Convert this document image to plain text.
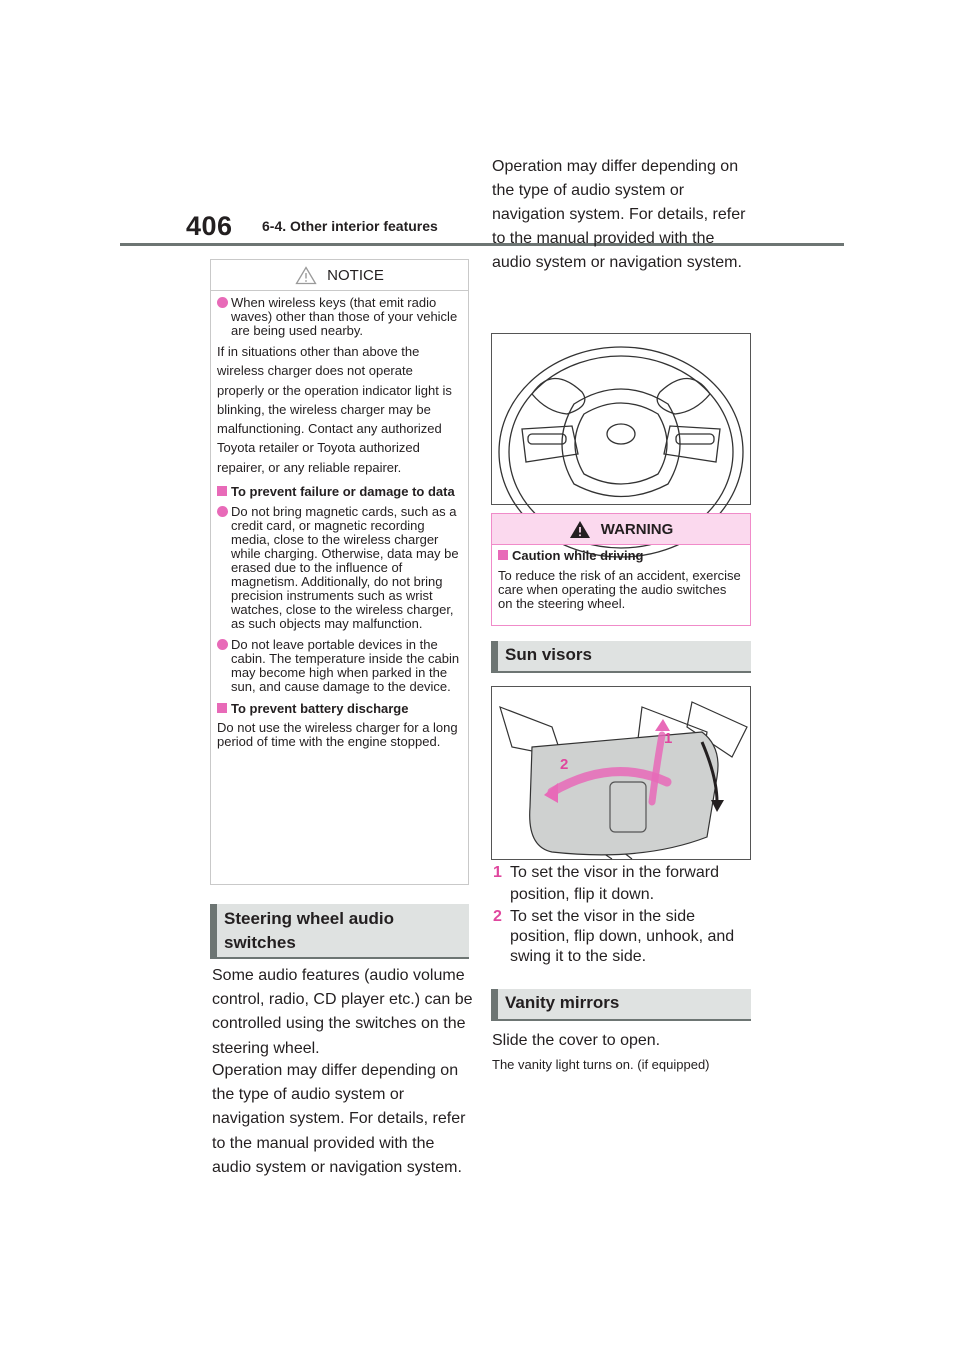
406 6-4. Other interior features
NOTICE

When wireless keys (that emit radio waves) other than those of your vehicle are being used nearby.

If in situations other than above the wireless charger does not operate properly or the operation indicator light is blinking, the wireless charger may be malfunctioning. Contact any authorized Toyota retailer or Toyota authorized repairer, or any reliable repairer.

To prevent failure or damage to data

Do not bring magnetic cards, such as a credit card, or magnetic recording media, close to the wireless charger while charging. Otherwise, data may be erased due to the influence of magnetism. Additionally, do not bring precision instruments such as wrist watches, close to the wireless charger, as such objects may malfunction.

Do not leave portable devices in the cabin. The temperature inside the cabin may become high when parked in the sun, and cause damage to the device.

To prevent battery discharge

Do not use the wireless charger for a long period of time with the engine stopped.

Steering wheel audio
switches

Some audio features (audio volume control, radio, CD player etc.) can be controlled using the switches on the steering wheel.

Operation may differ depending on the type of audio system or navigation system. For details, refer to the manual provided with the audio system or navigation system.

Operation may differ depending on the type of audio system or navigation system. For details, refer to the manual provided with the audio system or navigation system.

WARNING

Caution while driving

To reduce the risk of an accident, exercise care when operating the audio switches on the steering wheel.

Sun visors
1
2
1 To set the visor in the forward position, flip it down.
2 To set the visor in the side position, flip down, unhook, and swing it to the side.
Vanity mirrors

Slide the cover to open.

The vanity light turns on. (if equipped)
